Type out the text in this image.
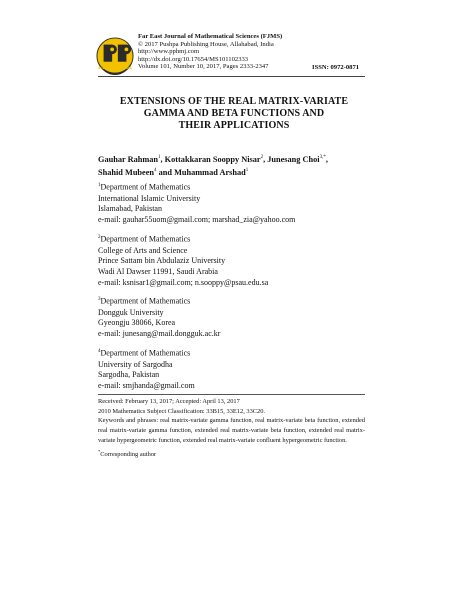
ALLAHABAD • INDIA
Far East Journal of Mathematical Sciences (FJMS)
© 2017 Pushpa Publishing House, Allahabad, India
http://www.pphmj.com
http://dx.doi.org/10.17654/MS101102333
Volume 101, Number 10, 2017, Pages 2333-2347	ISSN: 0972-0871
EXTENSIONS OF THE REAL MATRIX-VARIATE
GAMMA AND BETA FUNCTIONS AND
THEIR APPLICATIONS
Gauhar Rahman$^1$, Kottakkaran Sooppy Nisar$^2$, Junesang Choi$^{3,*}$,
Shahid Mubeen$^4$ and Muhammad Arshad$^1$
$^1$Department of Mathematics
International Islamic University
Islamabad, Pakistan
e-mail: gauhar55uom@gmail.com; marshad_zia@yahoo.com
$^2$Department of Mathematics
College of Arts and Science
Prince Sattam bin Abdulaziz University
Wadi Al Dawser 11991, Saudi Arabia
e-mail: ksnisar1@gmail.com; n.sooppy@psau.edu.sa
$^3$Department of Mathematics
Dongguk University
Gyeongju 38066, Korea
e-mail: junesang@mail.dongguk.ac.kr
$^4$Department of Mathematics
University of Sargodha
Sargodha, Pakistan
e-mail: smjhanda@gmail.com
Received: February 13, 2017; Accepted: April 13, 2017
2010 Mathematics Subject Classification: 33B15, 33E12, 33C20.
Keywords and phrases: real matrix-variate gamma function, real matrix-variate beta function, extended real matrix-variate gamma function, extended real matrix-variate beta function, extended real matrix-variate hypergeometric function, extended real matrix-variate confluent hypergeometric function.
*Corresponding author
